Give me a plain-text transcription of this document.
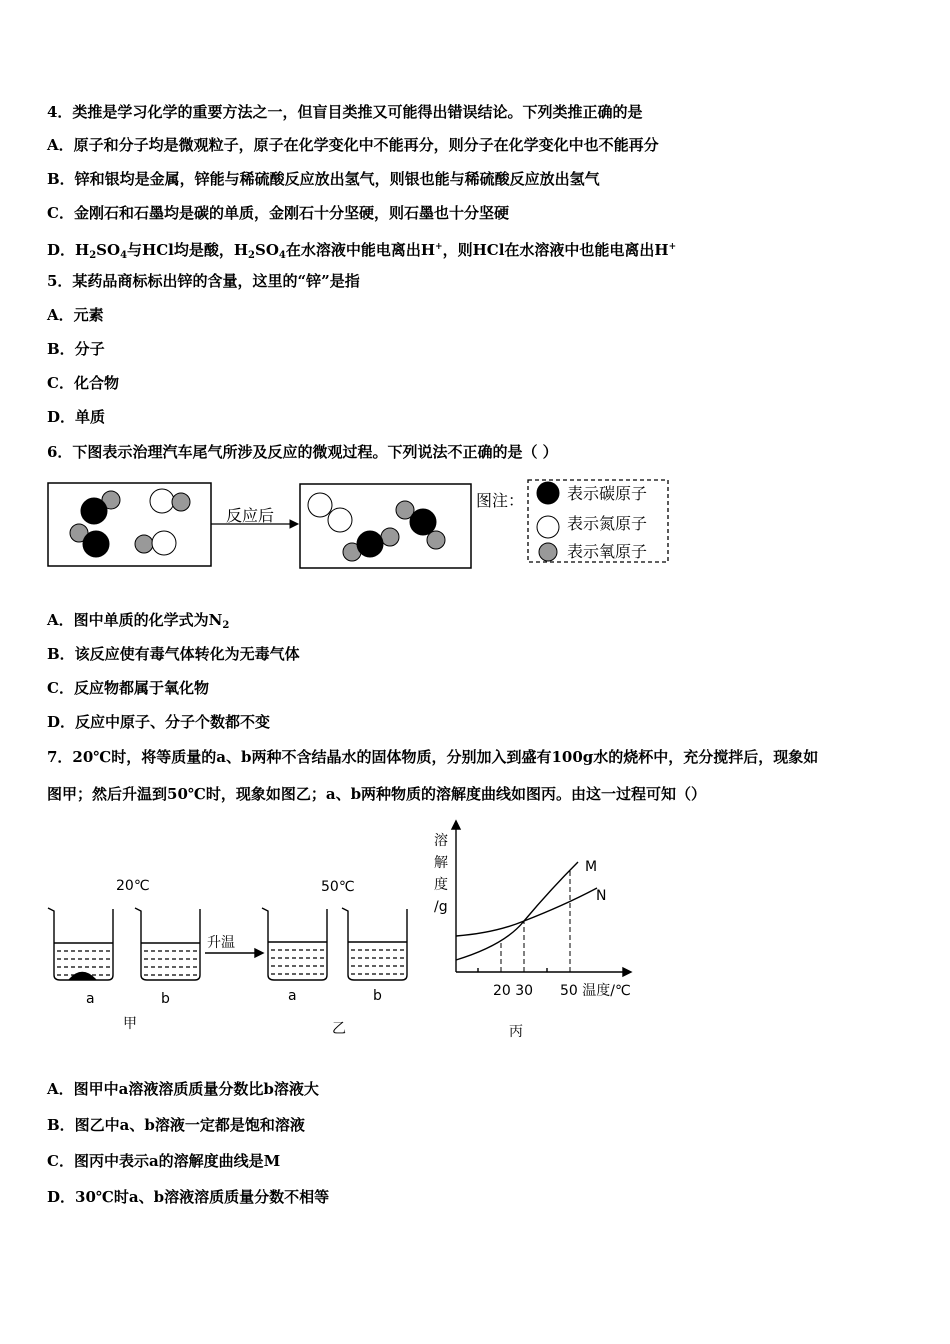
4．类推是学习化学的重要方法之一，但盲目类推又可能得出错误结论。下列类推正确的是
A．原子和分子均是微观粒子，原子在化学变化中不能再分，则分子在化学变化中也不能再分
B．锌和银均是金属，锌能与稀硫酸反应放出氢气，则银也能与稀硫酸反应放出氢气
C．金刚石和石墨均是碳的单质，金刚石十分坚硬，则石墨也十分坚硬
D．$H_2SO_4$与HCl均是酸，$H_2SO_4$在水溶液中能电离出H+，则HCl在水溶液中也能电离出H+
5．某药品商标标出锌的含量，这里的“锌”是指
A．元素
B．分子
C．化合物
D．单质
6．下图表示治理汽车尾气所涉及反应的微观过程。下列说法不正确的是（ ）
反应后
图注：	表示碳原子
表示氮原子
表示氧原子
20℃	50℃
升温
a	b	a	b
甲	乙	丙
溶
解
度
/g
20 30 50 温度/℃
M
N
A．图中单质的化学式为$N_2$
B．该反应使有毒气体转化为无毒气体
C．反应物都属于氧化物
D．反应中原子、分子个数都不变
7．20℃时，将等质量的a、b两种不含结晶水的固体物质，分别加入到盛有100g水的烧杯中，充分搅拌后，现象如
图甲；然后升温到50℃时，现象如图乙；a、b两种物质的溶解度曲线如图丙。由这一过程可知（）
A．图甲中a溶液溶质质量分数比b溶液大
B．图乙中a、b溶液一定都是饱和溶液
C．图丙中表示a的溶解度曲线是M
D．30℃时a、b溶液溶质质量分数不相等
